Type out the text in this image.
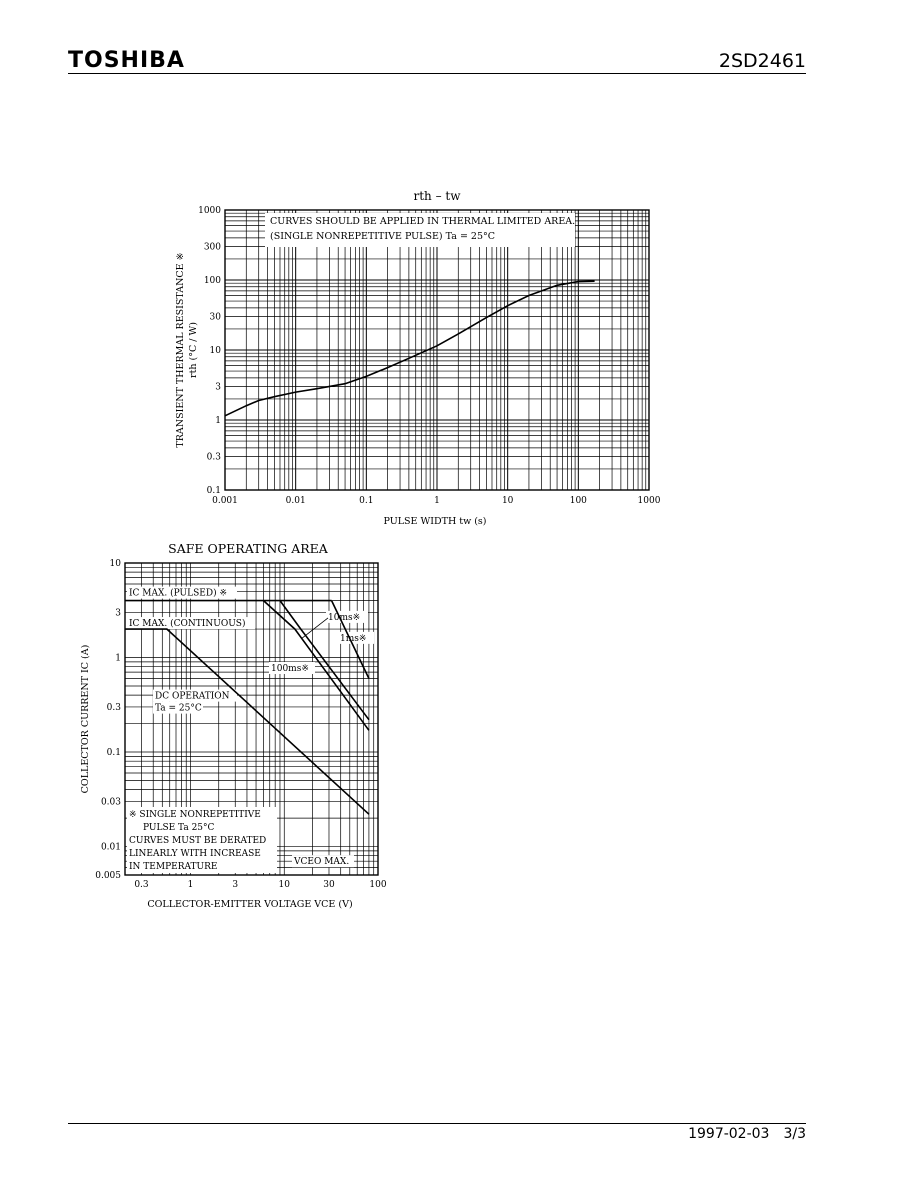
TOSHIBA	2SD2461
CURVES SHOULD BE APPLIED IN THERMAL LIMITED AREA.
(SINGLE NONREPETITIVE PULSE) Ta = 25°C
0.001	0.01	0.1	1	10	100	1000
0.1
0.3
1
3
10
30
100
300
1000
rth – tw
PULSE WIDTH tw (s)
TRANSIENT THERMAL RESISTANCE ※ rth (°C / W)
0.3	1	3	10	30	100
0.005
0.01
0.03
0.1
0.3
1
3
10
SAFE OPERATING AREA
COLLECTOR-EMITTER VOLTAGE VCE (V)
COLLECTOR CURRENT IC (A)
IC MAX. (PULSED) ※
IC MAX. (CONTINUOUS)
DC OPERATION
Ta = 25°C
10ms※
1ms※
100ms※
※ SINGLE NONREPETITIVE
PULSE Ta 25°C
CURVES MUST BE DERATED
LINEARLY WITH INCREASE
IN TEMPERATURE	VCEO MAX.
1997-02-03 3/3
